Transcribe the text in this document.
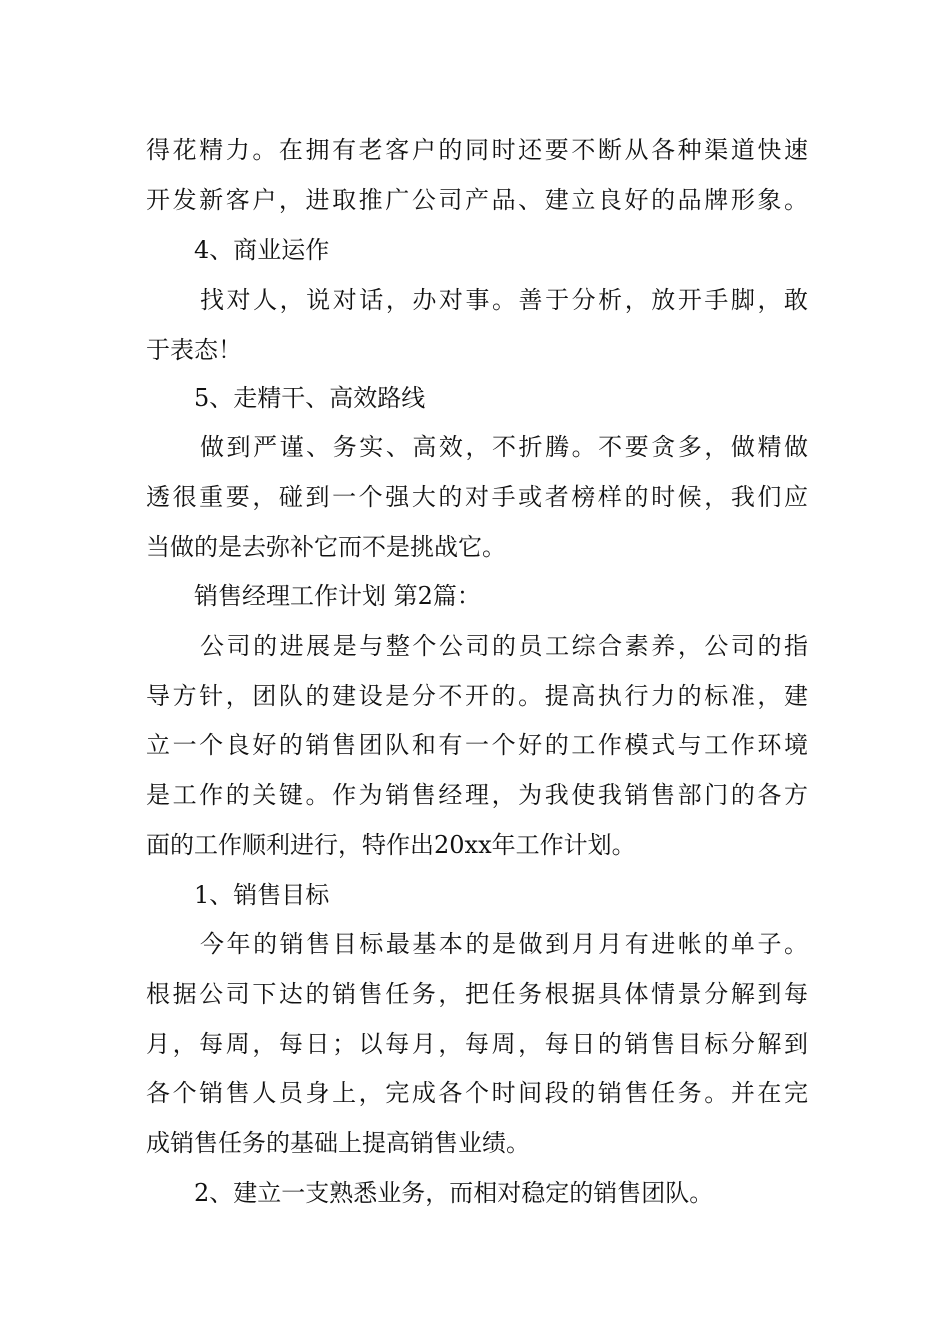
得花精力。在拥有老客户的同时还要不断从各种渠道快速
开发新客户，进取推广公司产品、建立良好的品牌形象。
4、商业运作
找对人，说对话，办对事。善于分析，放开手脚，敢
于表态！
5、走精干、高效路线
做到严谨、务实、高效，不折腾。不要贪多，做精做
透很重要，碰到一个强大的对手或者榜样的时候，我们应
当做的是去弥补它而不是挑战它。
销售经理工作计划 第2篇：
公司的进展是与整个公司的员工综合素养，公司的指
导方针，团队的建设是分不开的。提高执行力的标准，建
立一个良好的销售团队和有一个好的工作模式与工作环境
是工作的关键。作为销售经理，为我使我销售部门的各方
面的工作顺利进行，特作出20xx年工作计划。
1、销售目标
今年的销售目标最基本的是做到月月有进帐的单子。
根据公司下达的销售任务，把任务根据具体情景分解到每
月，每周，每日；以每月，每周，每日的销售目标分解到
各个销售人员身上，完成各个时间段的销售任务。并在完
成销售任务的基础上提高销售业绩。
2、建立一支熟悉业务，而相对稳定的销售团队。
